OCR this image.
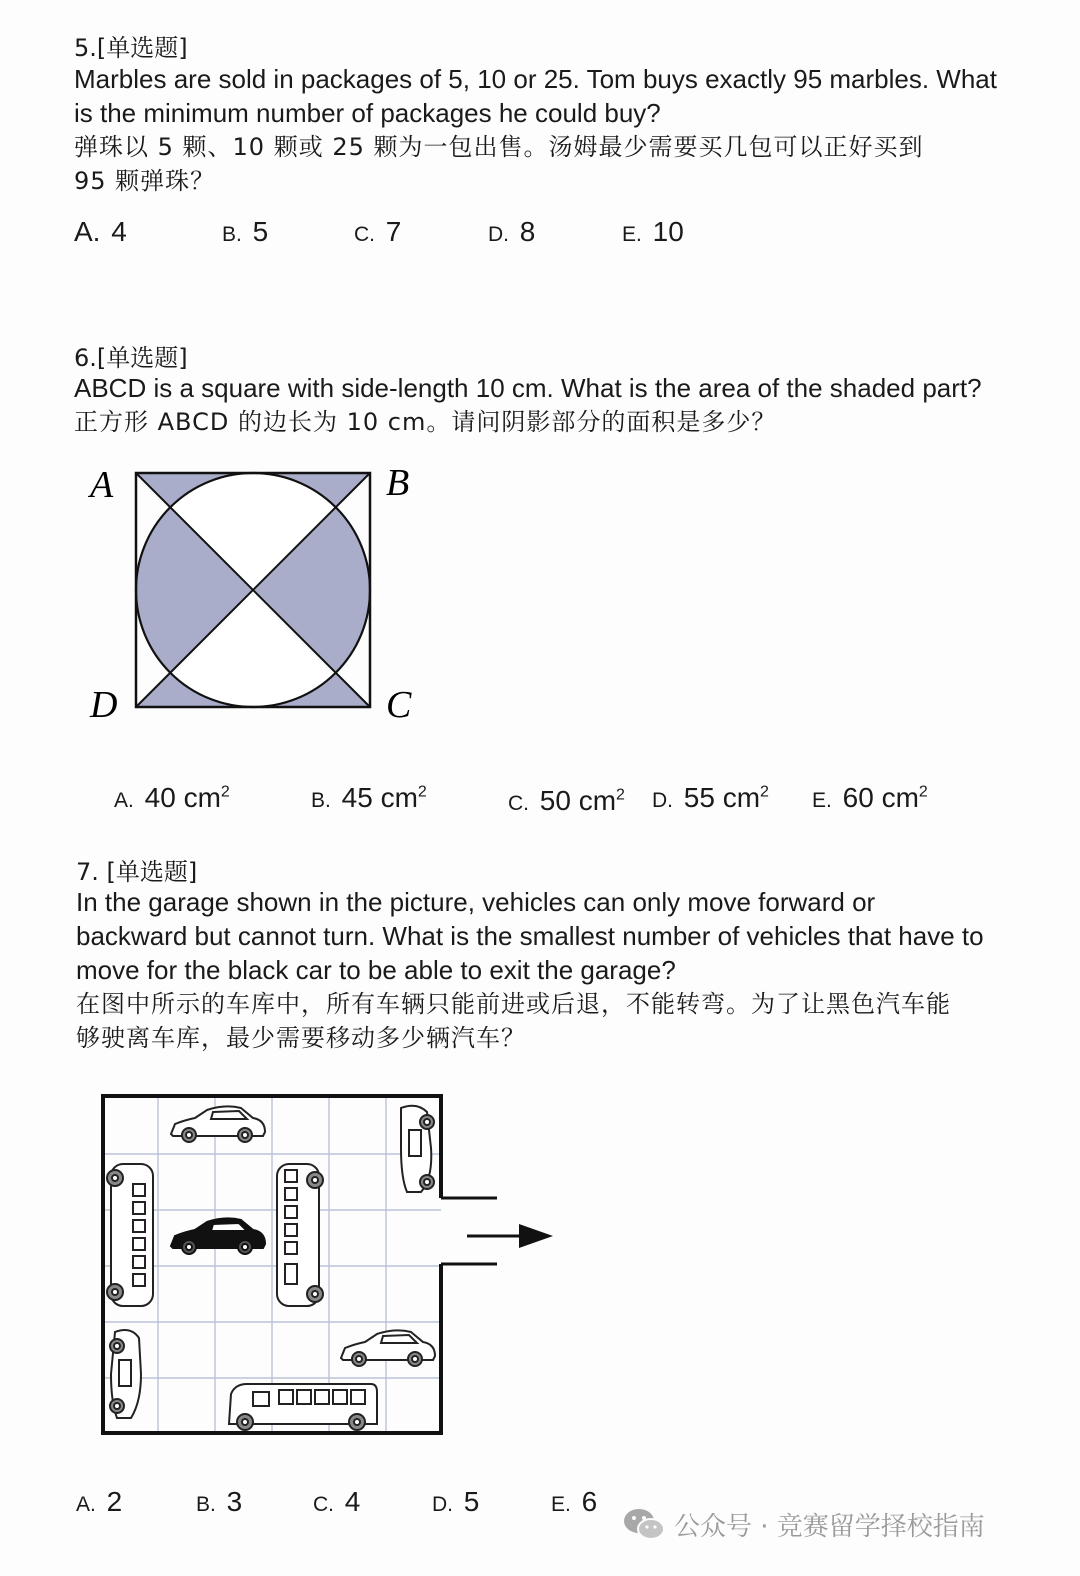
5.[单选题]
Marbles are sold in packages of 5, 10 or 25. Tom buys exactly 95 marbles. What
is the minimum number of packages he could buy?
弹珠以 5 颗、10 颗或 25 颗为一包出售。汤姆最少需要买几包可以正好买到
95 颗弹珠？
A. 4	B. 5	C. 7	D. 8	E. 10
6.[单选题]
ABCD is a square with side-length 10 cm. What is the area of the shaded part?
正方形 ABCD 的边长为 10 cm。请问阴影部分的面积是多少？
A	B
D	C
A. 40 $cm^2$	B. 45 $cm^2$	C. 50 $cm^2$ D. 55 $cm^2$ E. 60 $cm^2$
7. [单选题]
In the garage shown in the picture, vehicles can only move forward or
backward but cannot turn. What is the smallest number of vehicles that have to
move for the black car to be able to exit the garage?
在图中所示的车库中，所有车辆只能前进或后退，不能转弯。为了让黑色汽车能
够驶离车库，最少需要移动多少辆汽车？
A. 2	B. 3	C. 4	D. 5	E. 6
公众号 · 竞赛留学择校指南
